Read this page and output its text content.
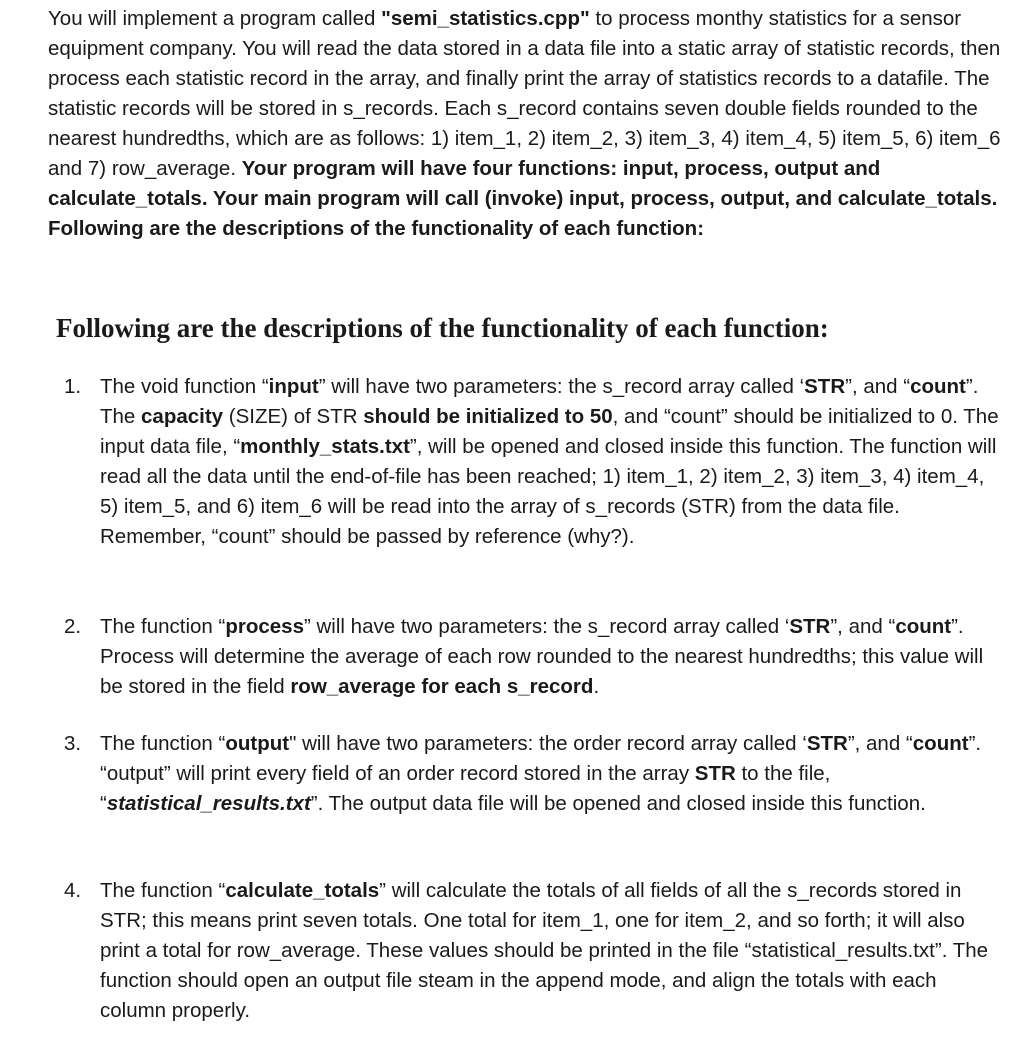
You will implement a program called "semi_statistics.cpp" to process monthy statistics for a sensor equipment company. You will read the data stored in a data file into a static array of statistic records, then process each statistic record in the array, and finally print the array of statistics records to a datafile. The statistic records will be stored in s_records. Each s_record contains seven double fields rounded to the nearest hundredths, which are as follows: 1) item_1, 2) item_2, 3) item_3, 4) item_4, 5) item_5, 6) item_6 and 7) row_average. Your program will have four functions: input, process, output and calculate_totals. Your main program will call (invoke) input, process, output, and calculate_totals. Following are the descriptions of the functionality of each function:

Following are the descriptions of the functionality of each function:
1. The void function “input” will have two parameters: the s_record array called ‘STR”, and “count”. The capacity (SIZE) of STR should be initialized to 50, and “count” should be initialized to 0. The input data file, “monthly_stats.txt”, will be opened and closed inside this function. The function will read all the data until the end-of-file has been reached; 1) item_1, 2) item_2, 3) item_3, 4) item_4, 5) item_5, and 6) item_6 will be read into the array of s_records (STR) from the data file. Remember, “count” should be passed by reference (why?).
2. The function “process” will have two parameters: the s_record array called ‘STR”, and “count”. Process will determine the average of each row rounded to the nearest hundredths; this value will be stored in the field row_average for each s_record.
3. The function “output" will have two parameters: the order record array called ‘STR”, and “count”. “output” will print every field of an order record stored in the array STR to the file, “statistical_results.txt”. The output data file will be opened and closed inside this function.
4. The function “calculate_totals” will calculate the totals of all fields of all the s_records stored in STR; this means print seven totals. One total for item_1, one for item_2, and so forth; it will also print a total for row_average. These values should be printed in the file “statistical_results.txt”. The function should open an output file steam in the append mode, and align the totals with each column properly.
